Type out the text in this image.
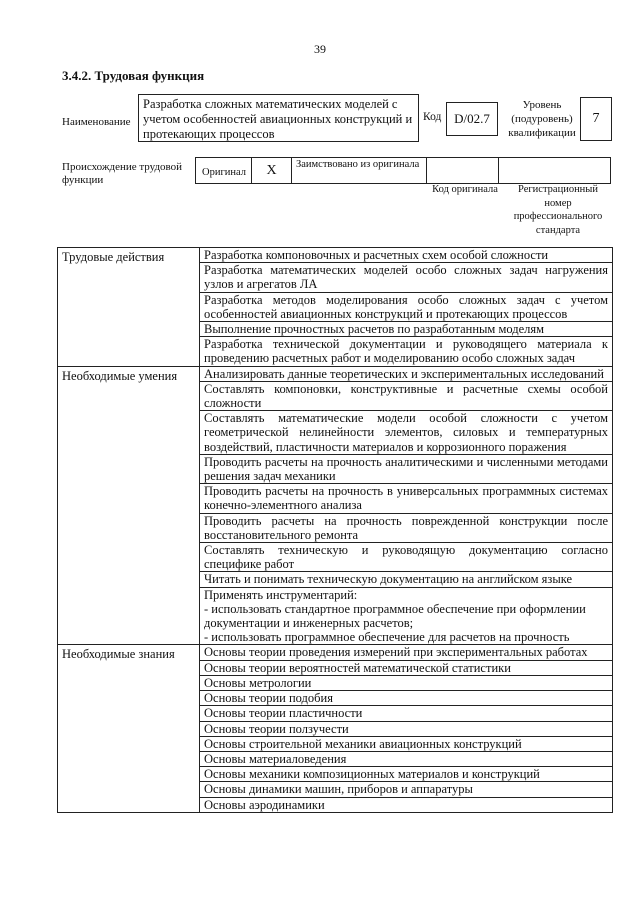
39
3.4.2. Трудовая функция
Наименование
Разработка сложных математических моделей с учетом особенностей авиационных конструкций и протекающих процессов
Код D/02.7
Уровень (подуровень) квалификации
7
Происхождение трудовой функции
Оригинал	X	Заимствовано из оригинала
Код оригинала	Регистрационный номер профессионального стандарта
Трудовые действия	Разработка компоновочных и расчетных схем особой сложности
Разработка математических моделей особо сложных задач нагружения узлов и агрегатов ЛА
Разработка методов моделирования особо сложных задач с учетом особенностей авиационных конструкций и протекающих процессов
Выполнение прочностных расчетов по разработанным моделям
Разработка технической документации и руководящего материала к проведению расчетных работ и моделированию особо сложных задач
Необходимые умения	Анализировать данные теоретических и экспериментальных исследований
Составлять компоновки, конструктивные и расчетные схемы особой сложности
Составлять математические модели особой сложности с учетом геометрической нелинейности элементов, силовых и температурных воздействий, пластичности материалов и коррозионного поражения
Проводить расчеты на прочность аналитическими и численными методами решения задач механики
Проводить расчеты на прочность в универсальных программных системах конечно-элементного анализа
Проводить расчеты на прочность поврежденной конструкции после восстановительного ремонта
Составлять техническую и руководящую документацию согласно специфике работ
Читать и понимать техническую документацию на английском языке
Применять инструментарий:
- использовать стандартное программное обеспечение при оформлении документации и инженерных расчетов;
- использовать программное обеспечение для расчетов на прочность
Необходимые знания	Основы теории проведения измерений при экспериментальных работах
Основы теории вероятностей математической статистики
Основы метрологии
Основы теории подобия
Основы теории пластичности
Основы теории ползучести
Основы строительной механики авиационных конструкций
Основы материаловедения
Основы механики композиционных материалов и конструкций
Основы динамики машин, приборов и аппаратуры
Основы аэродинамики
